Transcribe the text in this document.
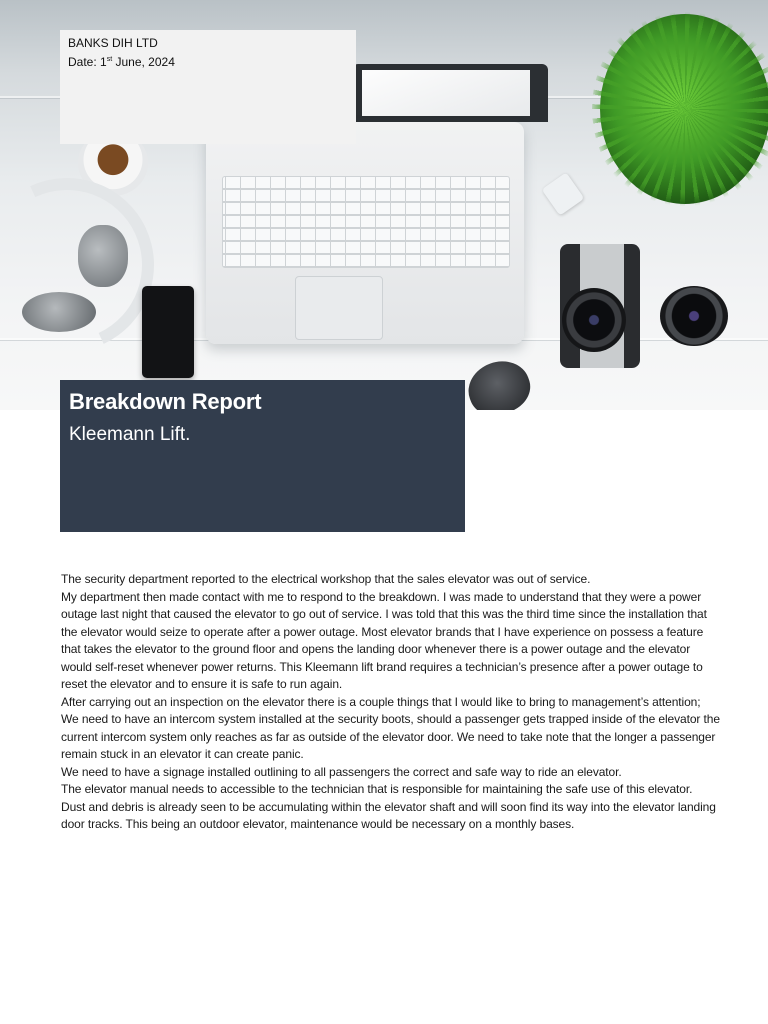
BANKS DIH LTD
Date: 1st June, 2024
Breakdown Report
Kleemann Lift.

The security department reported to the electrical workshop that the sales elevator was out of service.

My department then made contact with me to respond to the breakdown. I was made to understand that they were a power outage last night that caused the elevator to go out of service. I was told that this was the third time since the installation that the elevator would seize to operate after a power outage. Most elevator brands that I have experience on possess a feature that takes the elevator to the ground floor and opens the landing door whenever there is a power outage and the elevator would self-reset whenever power returns. This Kleemann lift brand requires a technician’s presence after a power outage to reset the elevator and to ensure it is safe to run again.

After carrying out an inspection on the elevator there is a couple things that I would like to bring to management’s attention;

We need to have an intercom system installed at the security boots, should a passenger gets trapped inside of the elevator the current intercom system only reaches as far as outside of the elevator door. We need to take note that the longer a passenger remain stuck in an elevator it can create panic.

We need to have a signage installed outlining to all passengers the correct and safe way to ride an elevator.

The elevator manual needs to accessible to the technician that is responsible for maintaining the safe use of this elevator.

Dust and debris is already seen to be accumulating within the elevator shaft and will soon find its way into the elevator landing door tracks. This being an outdoor elevator, maintenance would be necessary on a monthly bases.
